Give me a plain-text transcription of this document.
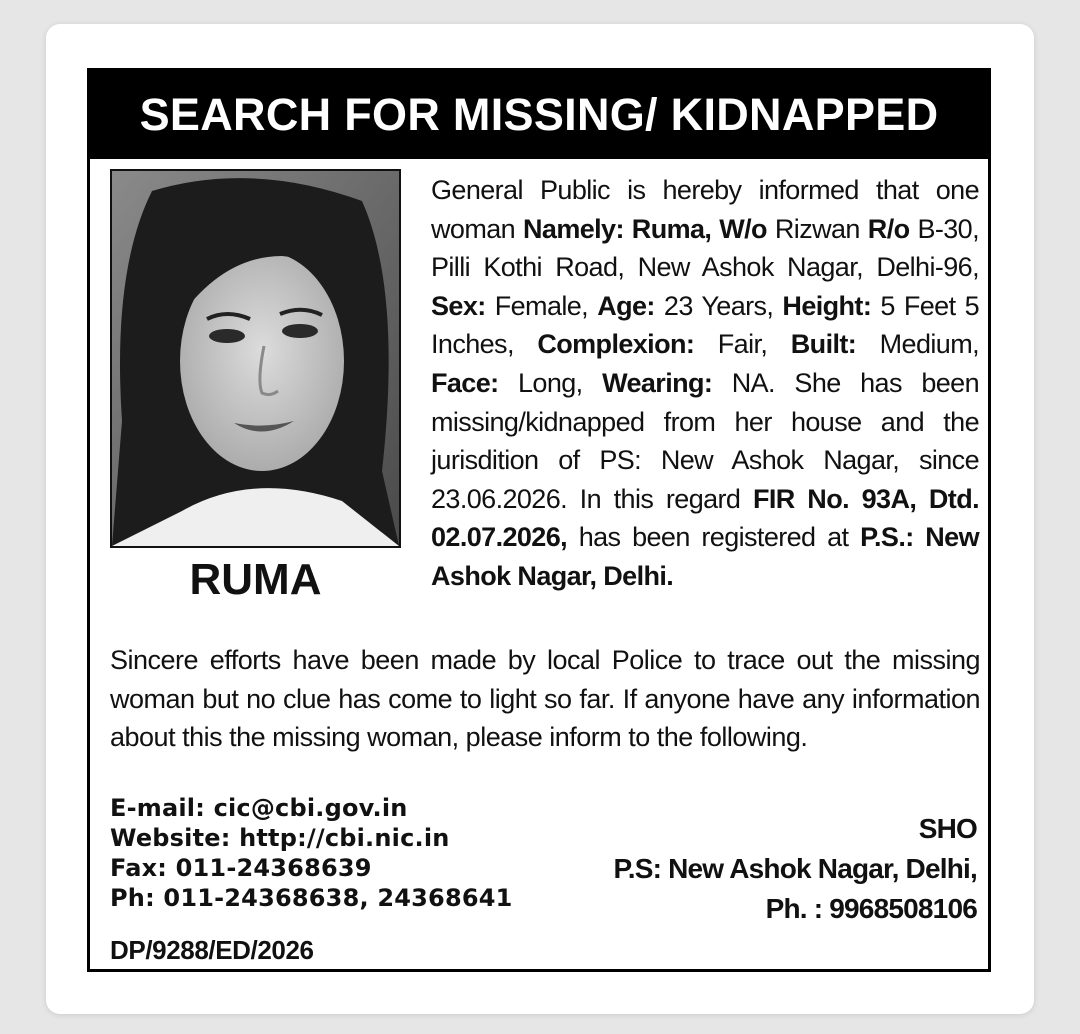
SEARCH FOR MISSING/ KIDNAPPED
RUMA
General Public is hereby informed that one woman Namely: Ruma, W/o Rizwan R/o B-30, Pilli Kothi Road, New Ashok Nagar, Delhi-96, Sex: Female, Age: 23 Years, Height: 5 Feet 5 Inches, Complexion: Fair, Built: Medium, Face: Long, Wearing: NA. She has been missing/kidnapped from her house and the jurisdition of PS: New Ashok Nagar, since 23.06.2026. In this regard FIR No. 93A, Dtd. 02.07.2026, has been registered at P.S.: New Ashok Nagar, Delhi.
Sincere efforts have been made by local Police to trace out the missing woman but no clue has come to light so far. If anyone have any information about this the missing woman, please inform to the following.
E-mail: cic@cbi.gov.in
Website: http://cbi.nic.in
Fax: 011-24368639
Ph: 011-24368638, 24368641
SHO
P.S: New Ashok Nagar, Delhi,
Ph. : 9968508106
DP/9288/ED/2026
